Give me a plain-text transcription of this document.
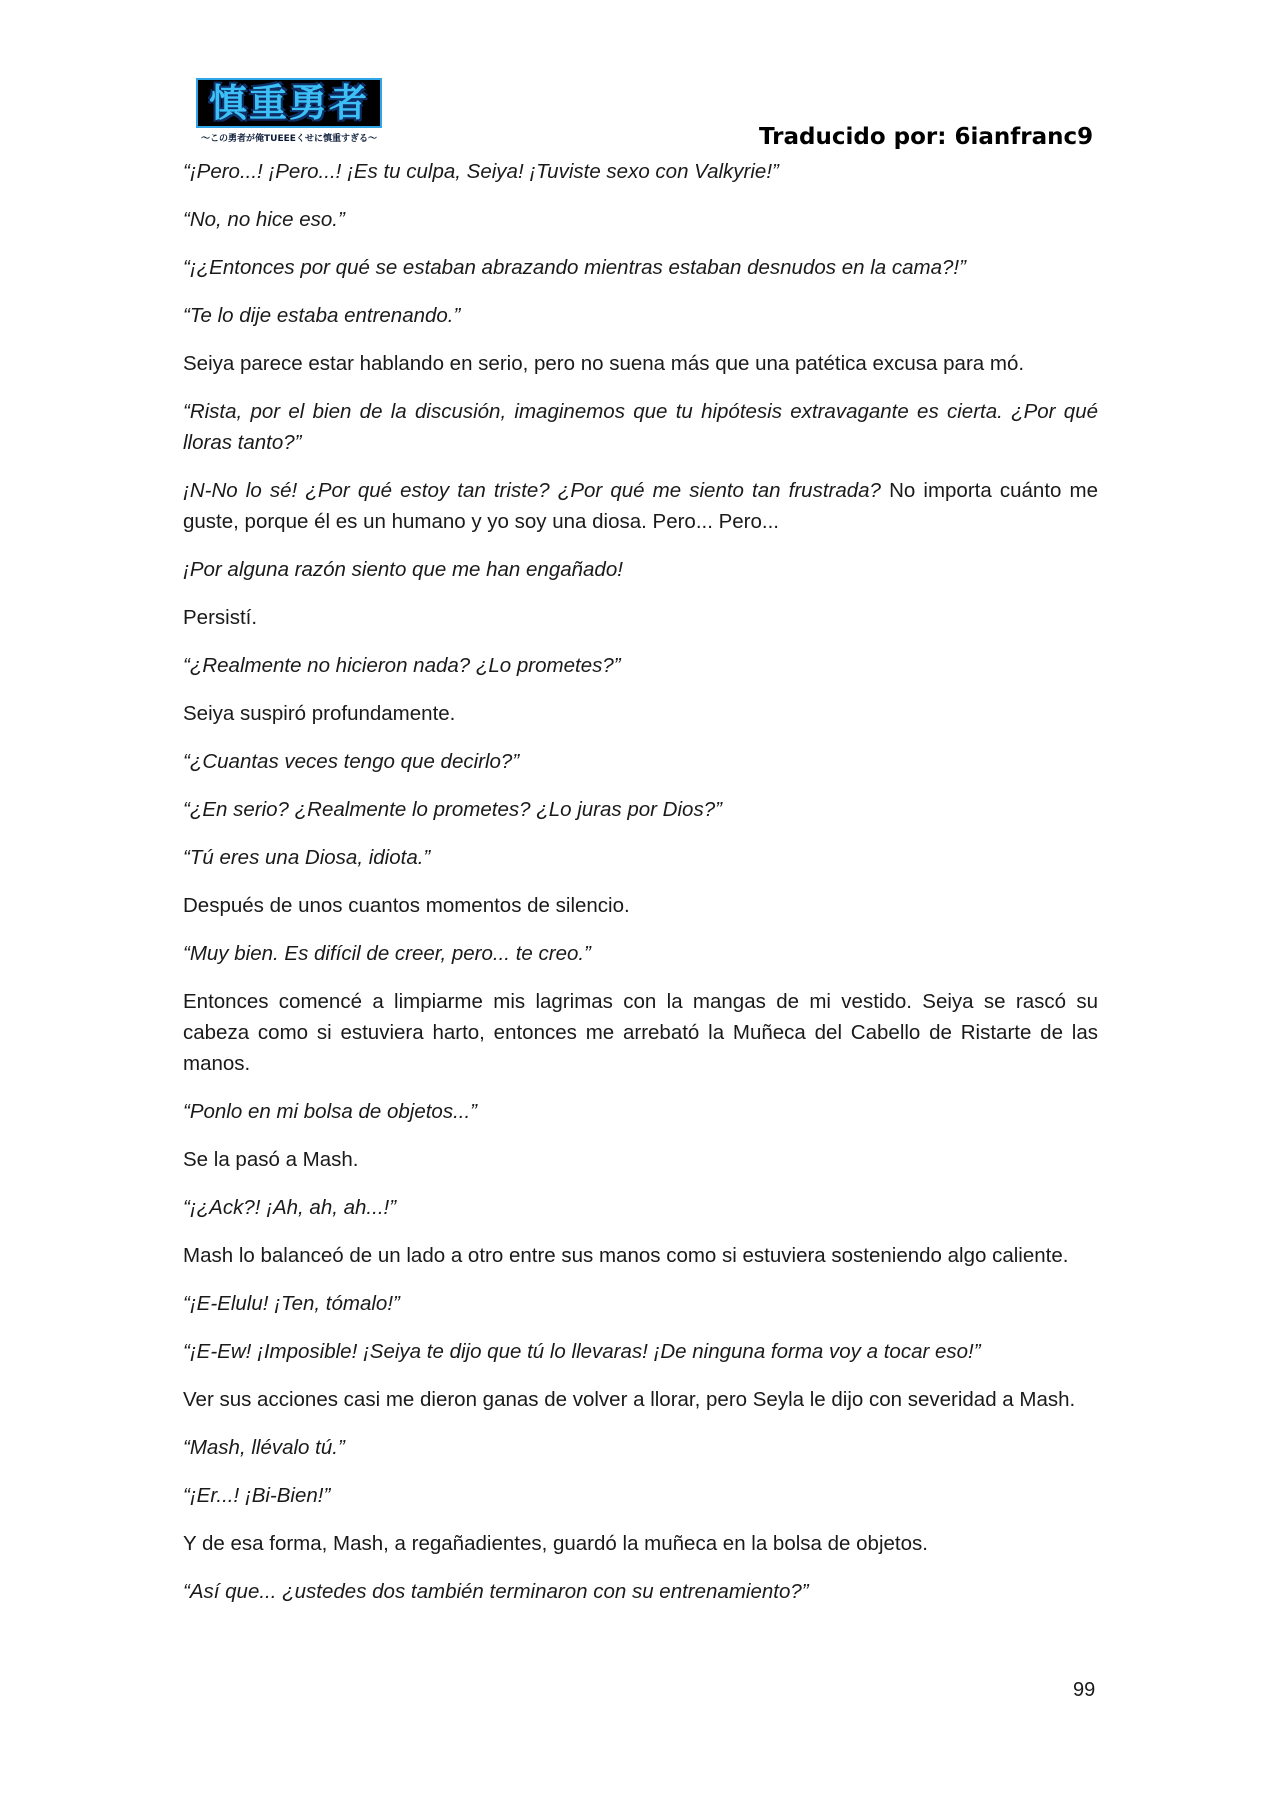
慎重勇者
〜この勇者が俺TUEEEくせに慎重すぎる〜	Traducido por: 6ianfranc9

“¡Pero...! ¡Pero...! ¡Es tu culpa, Seiya! ¡Tuviste sexo con Valkyrie!”

“No, no hice eso.”

“¡¿Entonces por qué se estaban abrazando mientras estaban desnudos en la cama?!”

“Te lo dije estaba entrenando.”

Seiya parece estar hablando en serio, pero no suena más que una patética excusa para mó.

“Rista, por el bien de la discusión, imaginemos que tu hipótesis extravagante es cierta. ¿Por qué lloras tanto?”

¡N-No lo sé! ¿Por qué estoy tan triste? ¿Por qué me siento tan frustrada? No importa cuánto me guste, porque él es un humano y yo soy una diosa. Pero... Pero...

¡Por alguna razón siento que me han engañado!

Persistí.

“¿Realmente no hicieron nada? ¿Lo prometes?”

Seiya suspiró profundamente.

“¿Cuantas veces tengo que decirlo?”

“¿En serio? ¿Realmente lo prometes? ¿Lo juras por Dios?”

“Tú eres una Diosa, idiota.”

Después de unos cuantos momentos de silencio.

“Muy bien. Es difícil de creer, pero... te creo.”

Entonces comencé a limpiarme mis lagrimas con la mangas de mi vestido. Seiya se rascó su cabeza como si estuviera harto, entonces me arrebató la Muñeca del Cabello de Ristarte de las manos.

“Ponlo en mi bolsa de objetos...”

Se la pasó a Mash.

“¡¿Ack?! ¡Ah, ah, ah...!”

Mash lo balanceó de un lado a otro entre sus manos como si estuviera sosteniendo algo caliente.

“¡E-Elulu! ¡Ten, tómalo!”

“¡E-Ew! ¡Imposible! ¡Seiya te dijo que tú lo llevaras! ¡De ninguna forma voy a tocar eso!”

Ver sus acciones casi me dieron ganas de volver a llorar, pero Seyla le dijo con severidad a Mash.

“Mash, llévalo tú.”

“¡Er...! ¡Bi-Bien!”

Y de esa forma, Mash, a regañadientes, guardó la muñeca en la bolsa de objetos.

“Así que... ¿ustedes dos también terminaron con su entrenamiento?”

99
